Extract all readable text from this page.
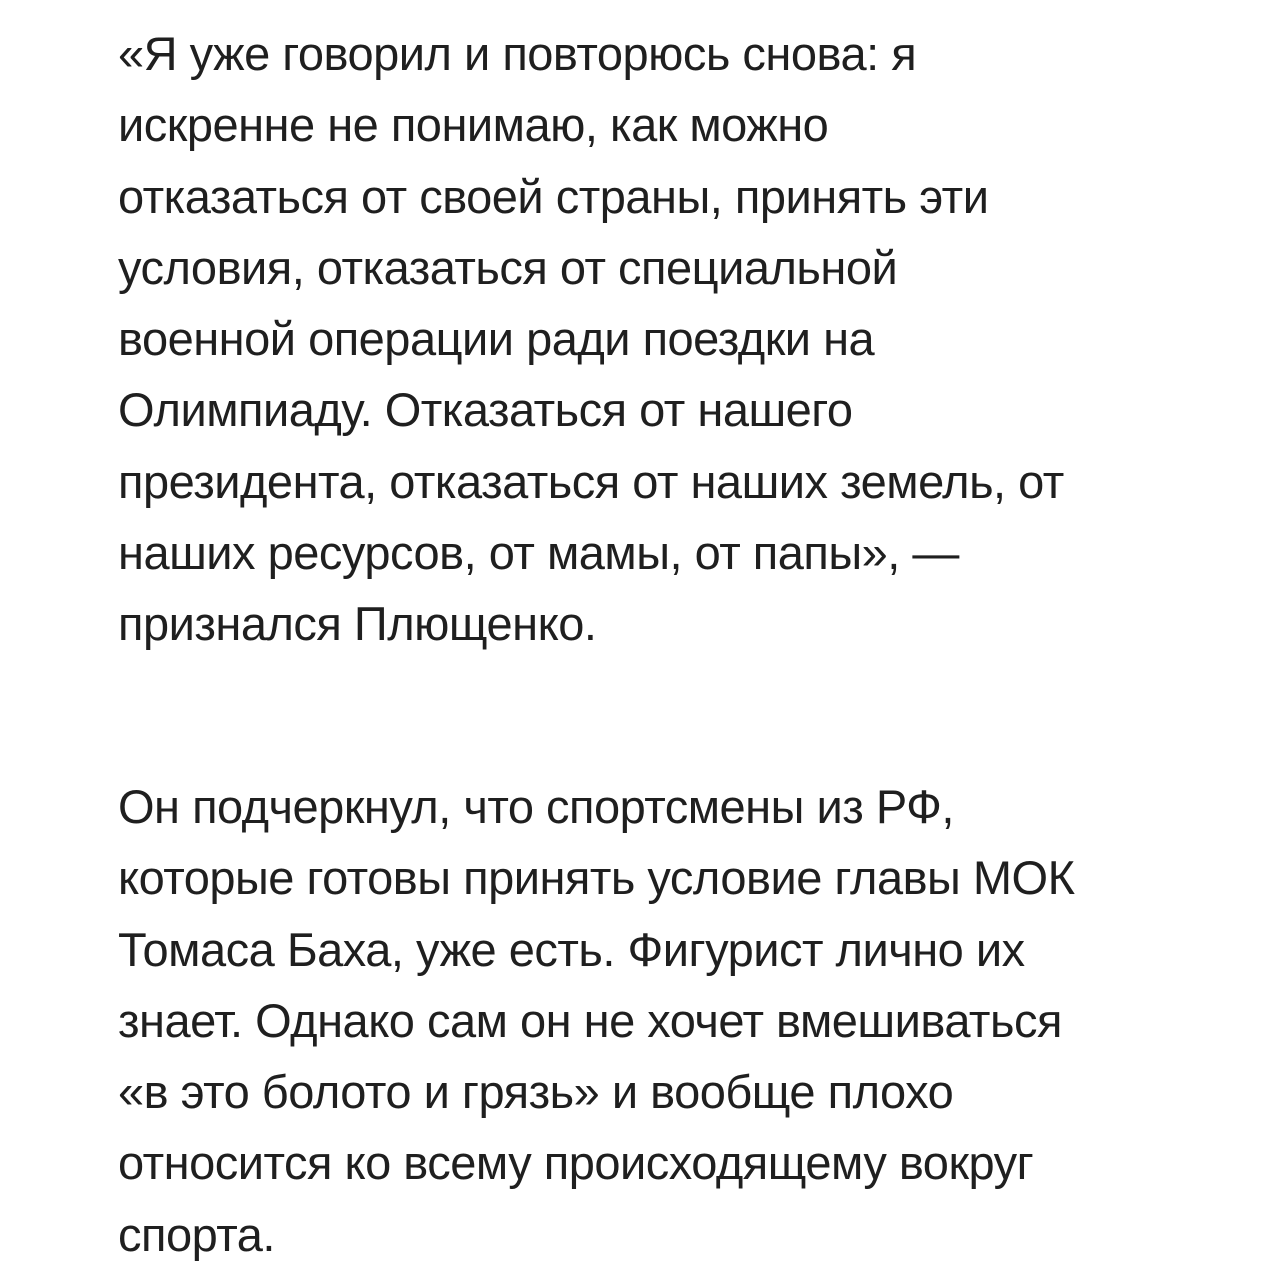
«Я уже говорил и повторюсь снова: я
искренне не понимаю, как можно
отказаться от своей страны, принять эти
условия, отказаться от специальной
военной операции ради поездки на
Олимпиаду. Отказаться от нашего
президента, отказаться от наших земель, от
наших ресурсов, от мамы, от папы», —
признался Плющенко.

Он подчеркнул, что спортсмены из РФ,
которые готовы принять условие главы МОК
Томаса Баха, уже есть. Фигурист лично их
знает. Однако сам он не хочет вмешиваться
«в это болото и грязь» и вообще плохо
относится ко всему происходящему вокруг
спорта.
